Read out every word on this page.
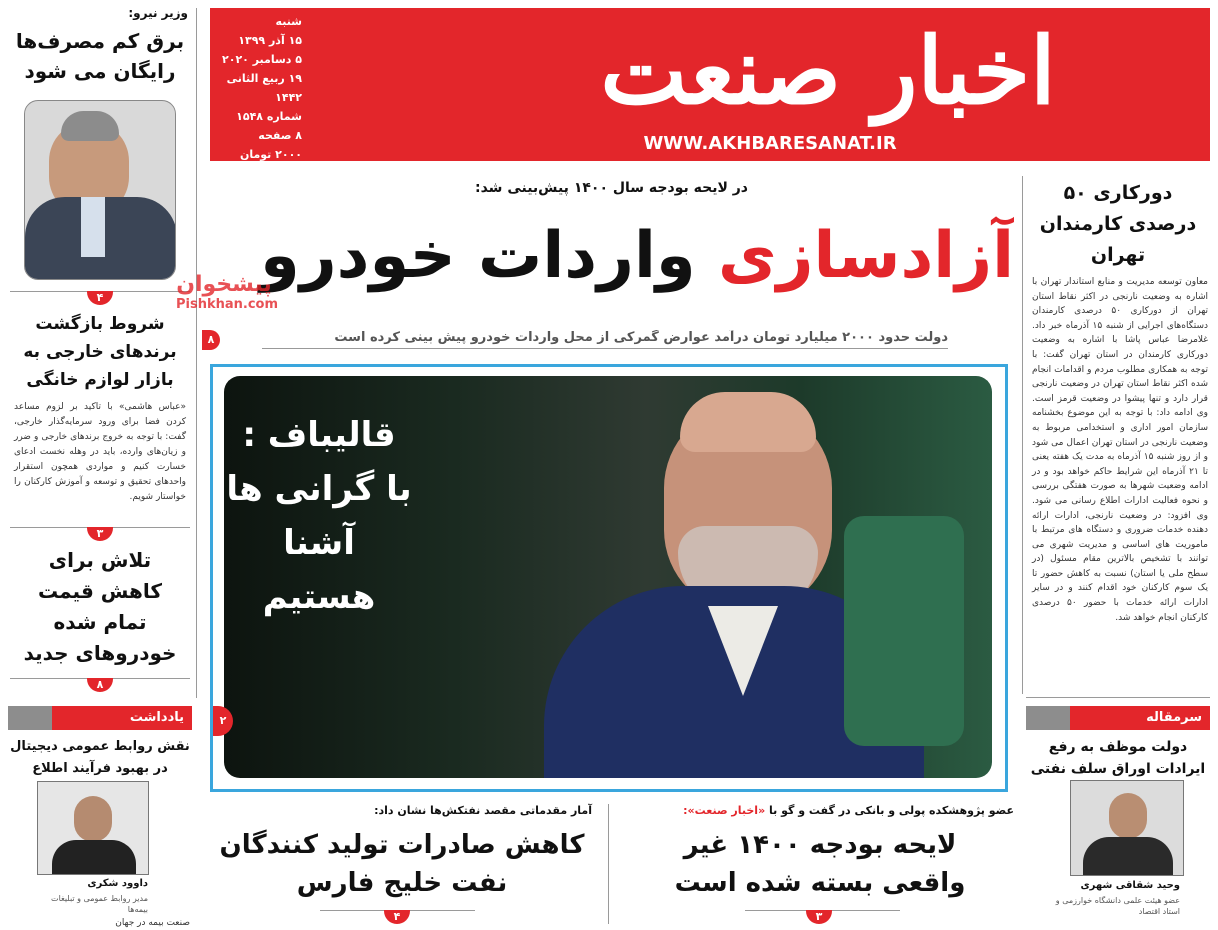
اخبار صنعت
WWW.AKHBARESANAT.IR
شنبه
۱۵ آذر ۱۳۹۹
۵ دسامبر ۲۰۲۰
۱۹ ربیع الثانی ۱۴۴۲
شماره ۱۵۴۸
۸ صفحه
۲۰۰۰ تومان
وزیر نیرو:
برق کم مصرف‌ها رایگان می شود
۴
شروط بازگشت برندهای خارجی به بازار لوازم خانگی
«عباس هاشمی» با تاکید بر لزوم مساعد کردن فضا برای ورود سرمایه‌گذار خارجی، گفت: با توجه به خروج برندهای خارجی و ضرر و زیان‌های وارده، باید در وهله نخست ادعای خسارت کنیم و مواردی همچون استقرار واحدهای تحقیق و توسعه و آموزش کارکنان را خواستار شویم.
۳
تلاش برای کاهش قیمت تمام شده خودروهای جدید
۸
یادداشت
نقش روابط عمومی دیجیتال در بهبود فرآیند اطلاع
داوود شکری
مدیر روابط عمومی و تبلیغات بیمه‌ها
صنعت بیمه در جهان
در لایحه بودجه سال ۱۴۰۰ پیش‌بینی شد:
آزادسازی واردات خودرو
پیشخوان
Pishkhan.com
دولت حدود ۲۰۰۰ میلیارد تومان درآمد عوارض گمرکی از محل واردات خودرو پیش بینی کرده است
۸
قالیباف :
با گرانی ها
آشنا هستیم
۲
دورکاری ۵۰ درصدی کارمندان تهران
معاون توسعه مدیریت و منابع استاندار تهران با اشاره به وضعیت نارنجی در اکثر نقاط استان تهران از دورکاری ۵۰ درصدی کارمندان دستگاه‌های اجرایی از شنبه ۱۵ آذرماه خبر داد. غلامرضا عباس پاشا با اشاره به وضعیت دورکاری کارمندان در استان تهران گفت: با توجه به همکاری مطلوب مردم و اقدامات انجام شده اکثر نقاط استان تهران در وضعیت نارنجی قرار دارد و تنها پیشوا در وضعیت قرمز است. وی ادامه داد: با توجه به این موضوع بخشنامه سازمان امور اداری و استخدامی مربوط به وضعیت نارنجی در استان تهران اعمال می شود و از روز شنبه ۱۵ آذرماه به مدت یک هفته یعنی تا ۲۱ آذرماه این شرایط حاکم خواهد بود و در ادامه وضعیت شهرها به صورت هفتگی بررسی و نحوه فعالیت ادارات اطلاع رسانی می شود. وی افزود: در وضعیت نارنجی، ادارات ارائه دهنده خدمات ضروری و دستگاه های مرتبط با ماموریت های اساسی و مدیریت شهری می توانند با تشخیص بالاترین مقام مسئول (در سطح ملی یا استان) نسبت به کاهش حضور تا یک سوم کارکنان خود اقدام کنند و در سایر ادارات ارائه خدمات با حضور ۵۰ درصدی کارکنان انجام خواهد شد.
سرمقاله
دولت موظف به رفع ایرادات اوراق سلف نفتی
وحید شقاقی شهری
عضو هیئت علمی دانشگاه خوارزمی و استاد اقتصاد
عضو پژوهشکده پولی و بانکی در گفت و گو با «اخبار صنعت»:
لایحه بودجه ۱۴۰۰ غیر واقعی بسته شده است
۳
آمار مقدماتی مقصد نفتکش‌ها نشان داد:
کاهش صادرات تولید کنندگان نفت خلیج فارس
۴
